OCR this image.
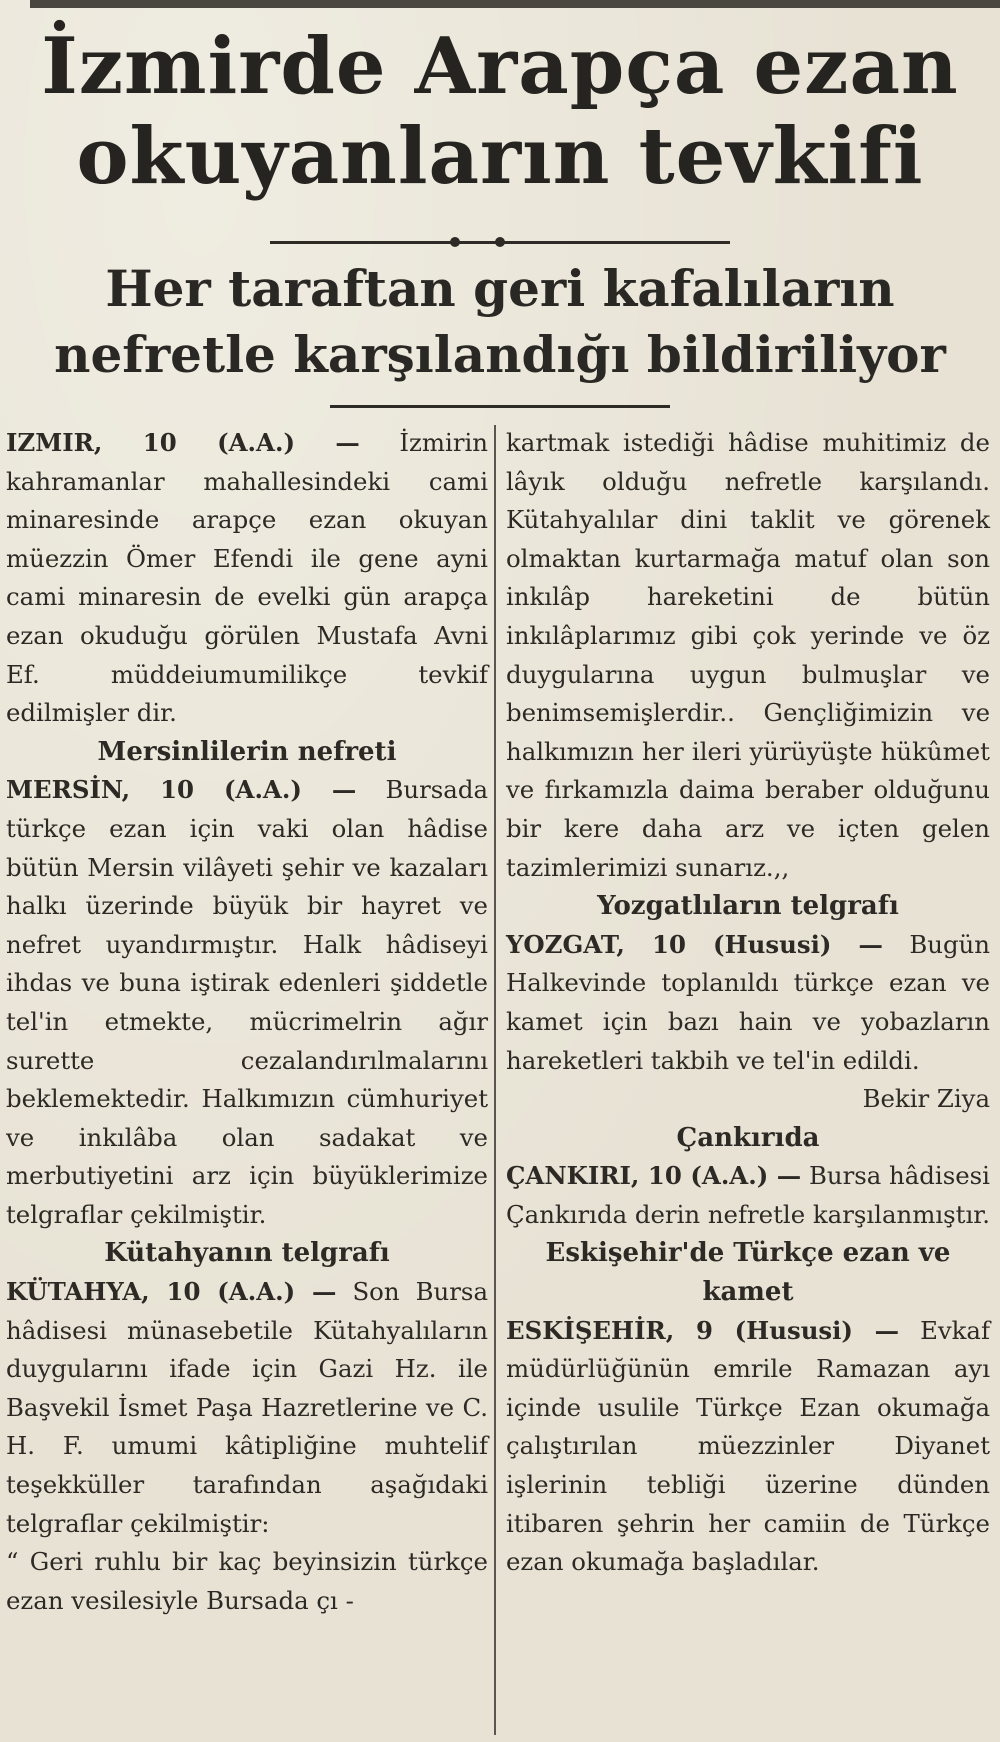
İzmirde Arapça ezan okuyanların tevkifi
Her taraftan geri kafalıların nefretle karşılandığı bildiriliyor

IZMIR, 10 (A.A.) — İzmirin kahramanlar mahallesindeki cami minaresinde arapçe ezan okuyan müezzin Ömer Efendi ile gene ayni cami minaresin de evelki gün arapça ezan okuduğu görülen Mustafa Avni Ef. müddeiumumilikçe tevkif edilmişler dir.

Mersinlilerin nefreti

MERSİN, 10 (A.A.) — Bursada türkçe ezan için vaki olan hâdise bütün Mersin vilâyeti şehir ve kazaları halkı üzerinde büyük bir hayret ve nefret uyandırmıştır. Halk hâdiseyi ihdas ve buna iştirak edenleri şiddetle tel'in etmekte, mücrimelrin ağır surette cezalandırılmalarını beklemektedir. Halkımızın cümhuriyet ve inkılâba olan sadakat ve merbutiyetini arz için büyüklerimize telgraflar çekilmiştir.

Kütahyanın telgrafı

KÜTAHYA, 10 (A.A.) — Son Bursa hâdisesi münasebetile Kütahyalıların duygularını ifade için Gazi Hz. ile Başvekil İsmet Paşa Hazretlerine ve C. H. F. umumi kâtipliğine muhtelif teşekküller tarafından aşağıdaki telgraflar çekilmiştir:

“ Geri ruhlu bir kaç beyinsizin türkçe ezan vesilesiyle Bursada çı -

kartmak istediği hâdise muhitimiz de lâyık olduğu nefretle karşılandı. Kütahyalılar dini taklit ve görenek olmaktan kurtarmağa matuf olan son inkılâp hareketini de bütün inkılâplarımız gibi çok yerinde ve öz duygularına uygun bulmuşlar ve benimsemişlerdir.. Gençliğimizin ve halkımızın her ileri yürüyüşte hükûmet ve fırkamızla daima beraber olduğunu bir kere daha arz ve içten gelen tazimlerimizi sunarız.,,

Yozgatlıların telgrafı

YOZGAT, 10 (Hususi) — Bugün Halkevinde toplanıldı türkçe ezan ve kamet için bazı hain ve yobazların hareketleri takbih ve tel'in edildi.

Bekir Ziya

Çankırıda

ÇANKIRI, 10 (A.A.) — Bursa hâdisesi Çankırıda derin nefretle karşılanmıştır.

Eskişehir'de Türkçe ezan ve kamet

ESKİŞEHİR, 9 (Hususi) — Evkaf müdürlüğünün emrile Ramazan ayı içinde usulile Türkçe Ezan okumağa çalıştırılan müezzinler Diyanet işlerinin tebliği üzerine dünden itibaren şehrin her camiin de Türkçe ezan okumağa başladılar.
